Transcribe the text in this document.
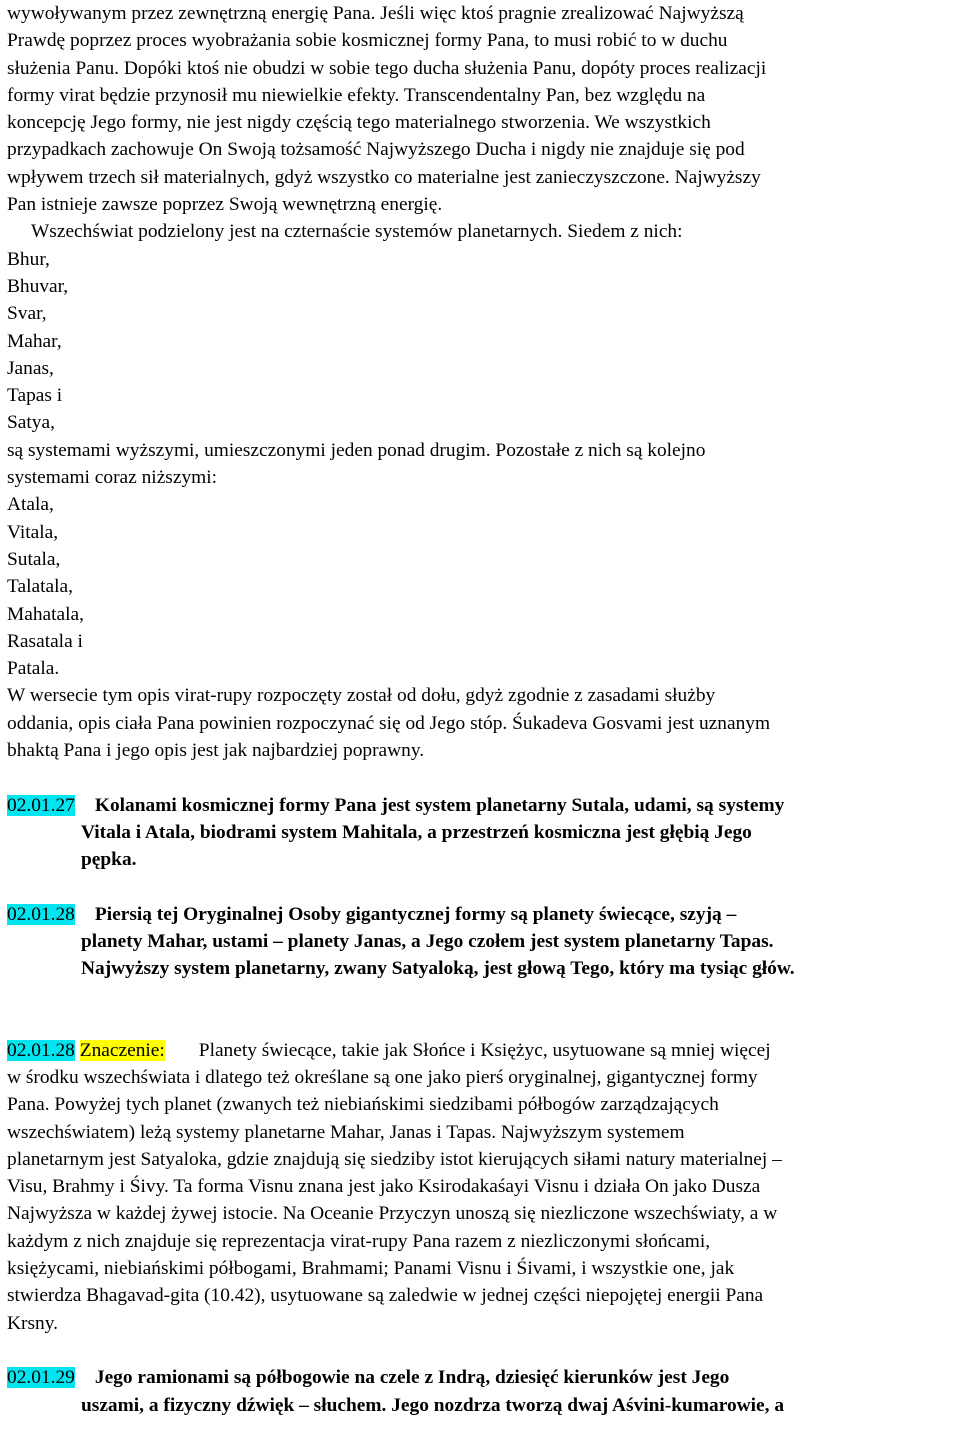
wywoływanym przez zewnętrzną energię Pana. Jeśli więc ktoś pragnie zrealizować Najwyższą
Prawdę poprzez proces wyobrażania sobie kosmicznej formy Pana, to musi robić to w duchu
służenia Panu. Dopóki ktoś nie obudzi w sobie tego ducha służenia Panu, dopóty proces realizacji
formy virat będzie przynosił mu niewielkie efekty. Transcendentalny Pan, bez względu na
koncepcję Jego formy, nie jest nigdy częścią tego materialnego stworzenia. We wszystkich
przypadkach zachowuje On Swoją tożsamość Najwyższego Ducha i nigdy nie znajduje się pod
wpływem trzech sił materialnych, gdyż wszystko co materialne jest zanieczyszczone. Najwyższy
Pan istnieje zawsze poprzez Swoją wewnętrzną energię.
Wszechświat podzielony jest na czternaście systemów planetarnych. Siedem z nich:
Bhur,
Bhuvar,
Svar,
Mahar,
Janas,
Tapas i
Satya,
są systemami wyższymi, umieszczonymi jeden ponad drugim. Pozostałe z nich są kolejno
systemami coraz niższymi:
Atala,
Vitala,
Sutala,
Talatala,
Mahatala,
Rasatala i
Patala.
W wersecie tym opis virat-rupy rozpoczęty został od dołu, gdyż zgodnie z zasadami służby
oddania, opis ciała Pana powinien rozpoczynać się od Jego stóp. Śukadeva Gosvami jest uznanym
bhaktą Pana i jego opis jest jak najbardziej poprawny.
02.01.27 Kolanami kosmicznej formy Pana jest system planetarny Sutala, udami, są systemy
Vitala i Atala, biodrami system Mahitala, a przestrzeń kosmiczna jest głębią Jego
pępka.
02.01.28 Piersią tej Oryginalnej Osoby gigantycznej formy są planety świecące, szyją –
planety Mahar, ustami – planety Janas, a Jego czołem jest system planetarny Tapas.
Najwyższy system planetarny, zwany Satyaloką, jest głową Tego, który ma tysiąc głów.
02.01.28 Znaczenie: Planety świecące, takie jak Słońce i Księżyc, usytuowane są mniej więcej
w środku wszechświata i dlatego też określane są one jako pierś oryginalnej, gigantycznej formy
Pana. Powyżej tych planet (zwanych też niebiańskimi siedzibami półbogów zarządzających
wszechświatem) leżą systemy planetarne Mahar, Janas i Tapas. Najwyższym systemem
planetarnym jest Satyaloka, gdzie znajdują się siedziby istot kierujących siłami natury materialnej –
Visu, Brahmy i Śivy. Ta forma Visnu znana jest jako Ksirodakaśayi Visnu i działa On jako Dusza
Najwyższa w każdej żywej istocie. Na Oceanie Przyczyn unoszą się niezliczone wszechświaty, a w
każdym z nich znajduje się reprezentacja virat-rupy Pana razem z niezliczonymi słońcami,
księżycami, niebiańskimi półbogami, Brahmami; Panami Visnu i Śivami, i wszystkie one, jak
stwierdza Bhagavad-gita (10.42), usytuowane są zaledwie w jednej części niepojętej energii Pana
Krsny.
02.01.29 Jego ramionami są półbogowie na czele z Indrą, dziesięć kierunków jest Jego
uszami, a fizyczny dźwięk – słuchem. Jego nozdrza tworzą dwaj Aśvini-kumarowie, a
